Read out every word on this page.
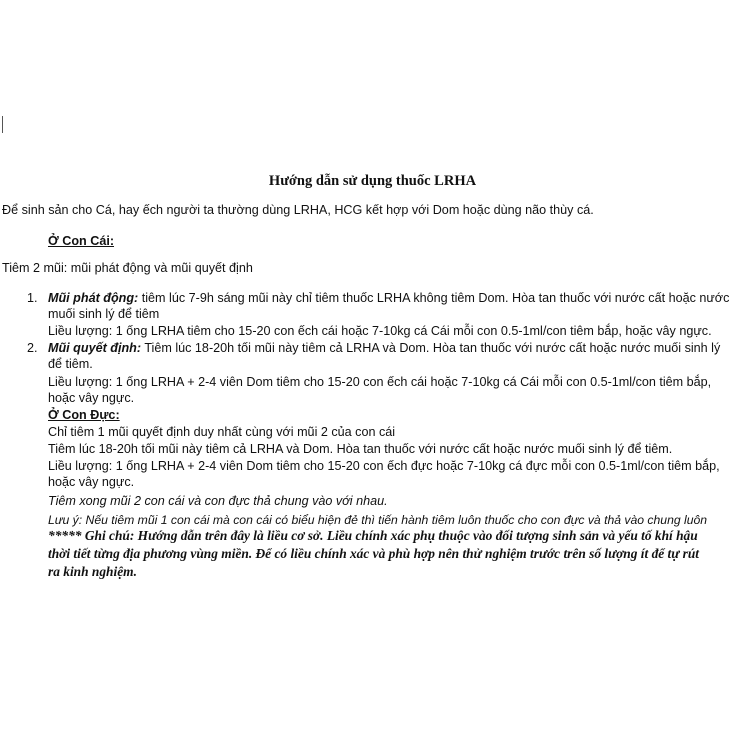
Hướng dẫn sử dụng thuốc LRHA
Để sinh sản cho Cá, hay ếch người ta thường dùng LRHA, HCG kết hợp với Dom hoặc dùng não thùy cá.
Ở Con Cái:
Tiêm 2 mũi: mũi phát động và mũi quyết định
1. Mũi phát động: tiêm lúc 7-9h sáng mũi này chỉ tiêm thuốc LRHA không tiêm Dom. Hòa tan thuốc với nước cất hoặc nước
muối sinh lý để tiêm
Liều lượng: 1 ống LRHA tiêm cho 15-20 con ếch cái hoặc 7-10kg cá Cái mỗi con 0.5-1ml/con tiêm bắp, hoặc vây ngực.
2. Mũi quyết định: Tiêm lúc 18-20h tối mũi này tiêm cả LRHA và Dom. Hòa tan thuốc với nước cất hoặc nước muối sinh lý
để tiêm.
Liều lượng: 1 ống LRHA + 2-4 viên Dom tiêm cho 15-20 con ếch cái hoặc 7-10kg cá Cái mỗi con 0.5-1ml/con tiêm bắp,
hoặc vây ngực.
Ở Con Đực:
Chỉ tiêm 1 mũi quyết định duy nhất cùng với mũi 2 của con cái
Tiêm lúc 18-20h tối mũi này tiêm cả LRHA và Dom. Hòa tan thuốc với nước cất hoặc nước muối sinh lý để tiêm.
Liều lượng: 1 ống LRHA + 2-4 viên Dom tiêm cho 15-20 con ếch đực hoặc 7-10kg cá đực mỗi con 0.5-1ml/con tiêm bắp,
hoặc vây ngực.
Tiêm xong mũi 2 con cái và con đực thả chung vào với nhau.
Lưu ý: Nếu tiêm mũi 1 con cái mà con cái có biểu hiện đẻ thì tiến hành tiêm luôn thuốc cho con đực và thả vào chung luôn
***** Ghi chú: Hướng dẫn trên đây là liều cơ sở. Liều chính xác phụ thuộc vào đối tượng sinh sản và yếu tố khí hậu
thời tiết từng địa phương vùng miền. Để có liều chính xác và phù hợp nên thử nghiệm trước trên số lượng ít để tự rút
ra kinh nghiệm.
